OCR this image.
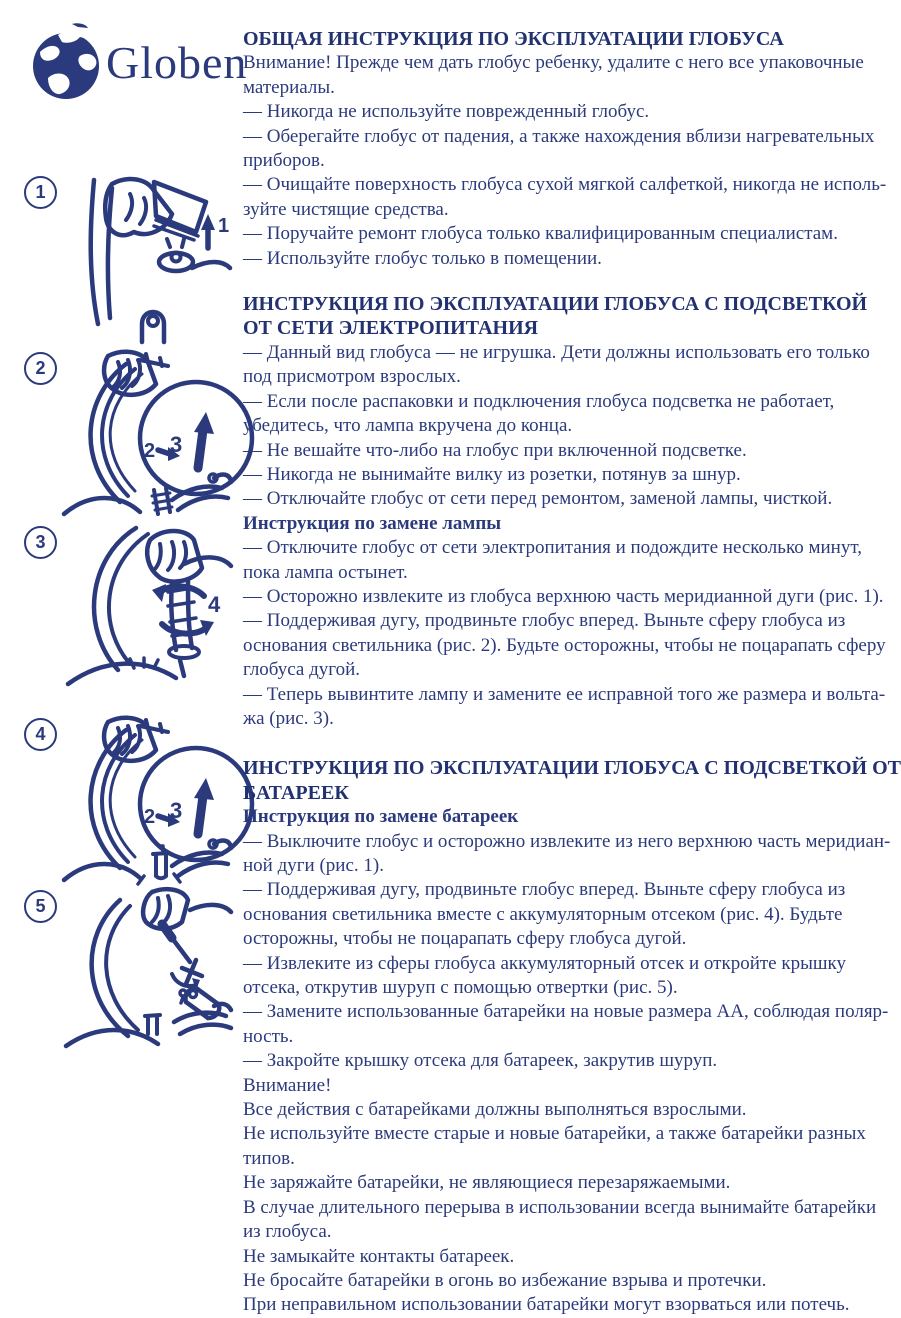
Globen
1
1
2
2 3
3
4
4
2 3
5
ОБЩАЯ ИНСТРУКЦИЯ ПО ЭКСПЛУАТАЦИИ ГЛОБУСА

Внимание! Прежде чем дать глобус ребенку, удалите с него все упаковочные
материалы.

— Никогда не используйте поврежденный глобус.

— Оберегайте глобус от падения, а также нахождения вблизи нагревательных
приборов.

— Очищайте поверхность глобуса сухой мягкой салфеткой, никогда не исполь-
зуйте чистящие средства.

— Поручайте ремонт глобуса только квалифицированным специалистам.

— Используйте глобус только в помещении.

ИНСТРУКЦИЯ ПО ЭКСПЛУАТАЦИИ ГЛОБУСА С ПОДСВЕТКОЙ
ОТ СЕТИ ЭЛЕКТРОПИТАНИЯ

— Данный вид глобуса — не игрушка. Дети должны использовать его только
под присмотром взрослых.

— Если после распаковки и подключения глобуса подсветка не работает,
убедитесь, что лампа вкручена до конца.

— Не вешайте что-либо на глобус при включенной подсветке.

— Никогда не вынимайте вилку из розетки, потянув за шнур.

— Отключайте глобус от сети перед ремонтом, заменой лампы, чисткой.

Инструкция по замене лампы

— Отключите глобус от сети электропитания и подождите несколько минут,
пока лампа остынет.

— Осторожно извлеките из глобуса верхнюю часть меридианной дуги (рис. 1).

— Поддерживая дугу, продвиньте глобус вперед. Выньте сферу глобуса из
основания светильника (рис. 2). Будьте осторожны, чтобы не поцарапать сферу
глобуса дугой.

— Теперь вывинтите лампу и замените ее исправной того же размера и вольта-
жа (рис. 3).

ИНСТРУКЦИЯ ПО ЭКСПЛУАТАЦИИ ГЛОБУСА С ПОДСВЕТКОЙ ОТ
БАТАРЕЕК

Инструкция по замене батареек

— Выключите глобус и осторожно извлеките из него верхнюю часть меридиан-
ной дуги (рис. 1).

— Поддерживая дугу, продвиньте глобус вперед. Выньте сферу глобуса из
основания светильника вместе с аккумуляторным отсеком (рис. 4). Будьте
осторожны, чтобы не поцарапать сферу глобуса дугой.

— Извлеките из сферы глобуса аккумуляторный отсек и откройте крышку
отсека, открутив шуруп с помощью отвертки (рис. 5).

— Замените использованные батарейки на новые размера АА, соблюдая поляр-
ность.

— Закройте крышку отсека для батареек, закрутив шуруп.

Внимание!

Все действия с батарейками должны выполняться взрослыми.

Не используйте вместе старые и новые батарейки, а также батарейки разных
типов.

Не заряжайте батарейки, не являющиеся перезаряжаемыми.

В случае длительного перерыва в использовании всегда вынимайте батарейки
из глобуса.

Не замыкайте контакты батареек.

Не бросайте батарейки в огонь во избежание взрыва и протечки.

При неправильном использовании батарейки могут взорваться или потечь.
